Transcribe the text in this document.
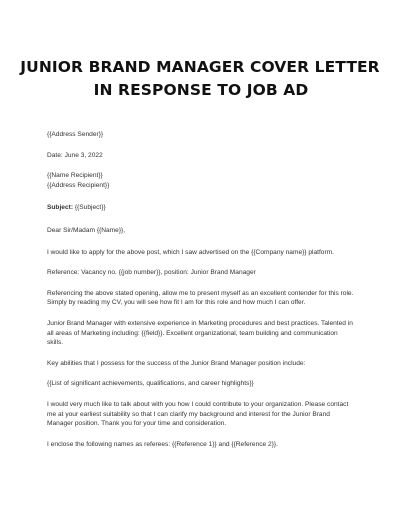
JUNIOR BRAND MANAGER COVER LETTER
IN RESPONSE TO JOB AD

{{Address Sender}}

Date: June 3, 2022

{{Name Recipient}}

{{Address Recipient}}

Subject: {{Subject}}

Dear Sir/Madam {{Name}},

I would like to apply for the above post, which I saw advertised on the {{Company name}} platform.

Reference: Vacancy no. {{job number}}, position: Junior Brand Manager

Referencing the above stated opening, allow me to present myself as an excellent contender for this role.

Simply by reading my CV, you will see how fit I am for this role and how much I can offer.

Junior Brand Manager with extensive experience in Marketing procedures and best practices. Talented in

all areas of Marketing including: {{field}}. Excellent organizational, team building and communication

skills.

Key abilities that I possess for the success of the Junior Brand Manager position include:

{{List of significant achievements, qualifications, and career highlights}}

I would very much like to talk about with you how I could contribute to your organization. Please contact

me at your earliest suitability so that I can clarify my background and interest for the Junior Brand

Manager position. Thank you for your time and consideration.

I enclose the following names as referees: {{Reference 1}} and {{Reference 2}}.
